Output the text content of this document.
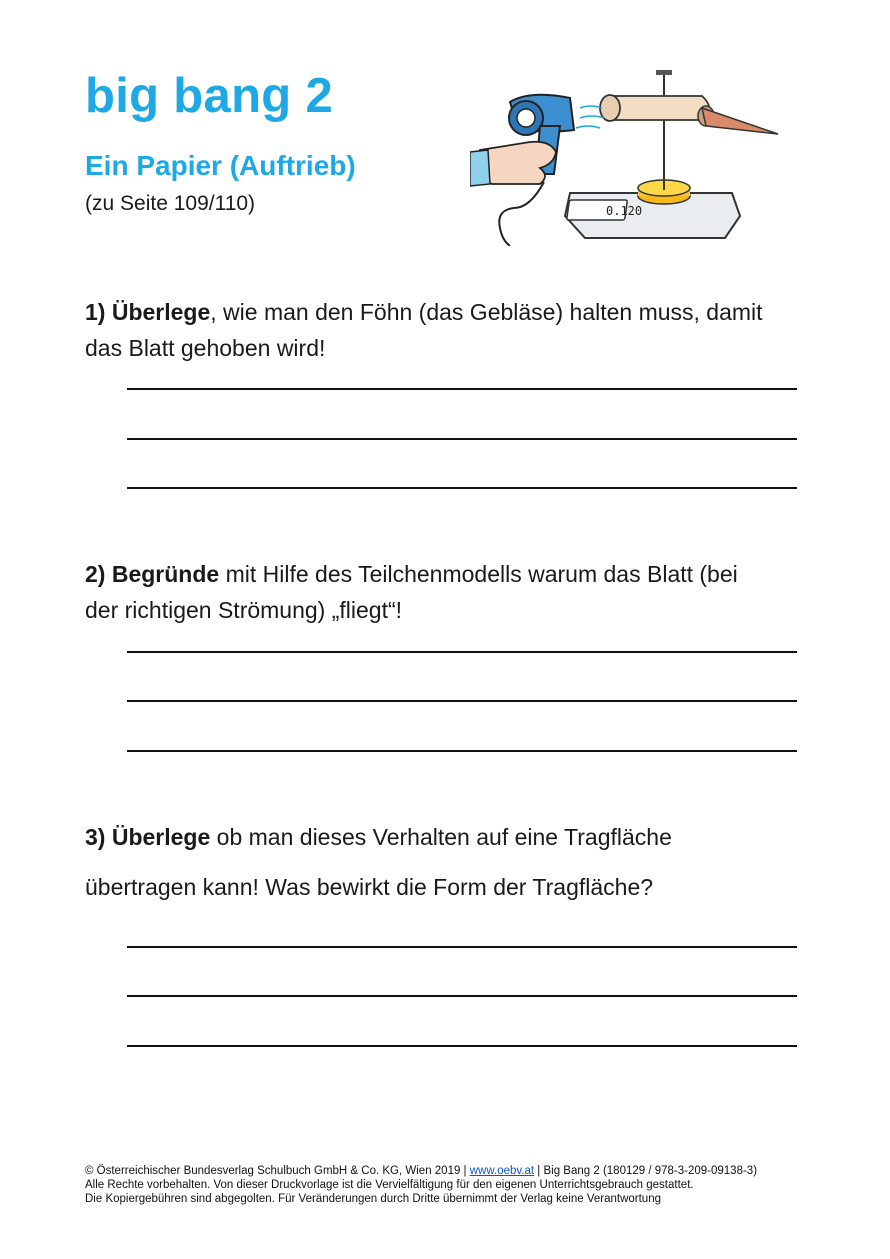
big bang 2
Ein Papier (Auftrieb)
(zu Seite 109/110)	0.120
1) Überlege, wie man den Föhn (das Gebläse) halten muss, damit
das Blatt gehoben wird!
2) Begründe mit Hilfe des Teilchenmodells warum das Blatt (bei
der richtigen Strömung) „fliegt“!
3) Überlege ob man dieses Verhalten auf eine Tragfläche
übertragen kann! Was bewirkt die Form der Tragfläche?
© Österreichischer Bundesverlag Schulbuch GmbH & Co. KG, Wien 2019 | www.oebv.at | Big Bang 2 (180129 / 978-3-209-09138-3)
Alle Rechte vorbehalten. Von dieser Druckvorlage ist die Vervielfältigung für den eigenen Unterrichtsgebrauch gestattet.
Die Kopiergebühren sind abgegolten. Für Veränderungen durch Dritte übernimmt der Verlag keine Verantwortung
